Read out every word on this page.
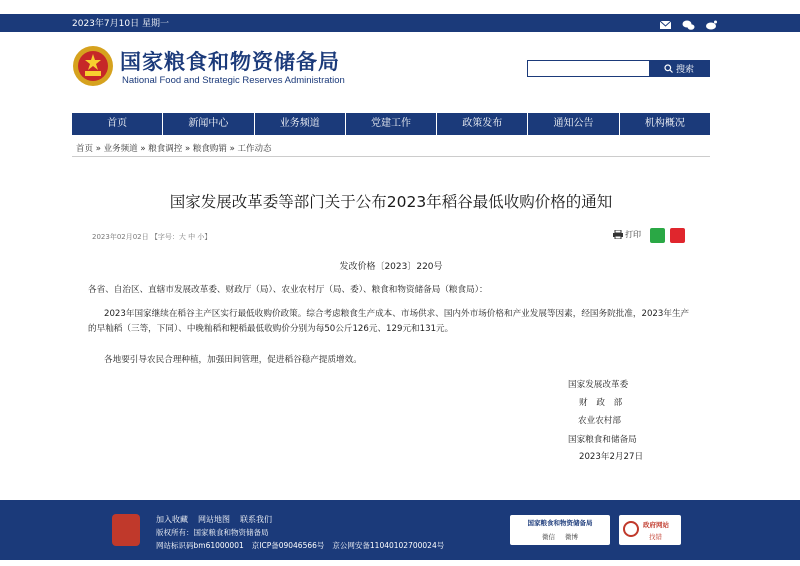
2023年7月10日 星期一
国家粮食和物资储备局
National Food and Strategic Reserves Administration
搜索
首页	新闻中心	业务频道	党建工作	政策发布	通知公告	机构概况
首页 » 业务频道 » 粮食调控 » 粮食购销 » 工作动态
国家发展改革委等部门关于公布2023年稻谷最低收购价格的通知
2023年02月02日 【字号：大 中 小】	打印
发改价格〔2023〕220号
各省、自治区、直辖市发展改革委、财政厅（局）、农业农村厅（局、委）、粮食和物资储备局（粮食局）：
2023年国家继续在稻谷主产区实行最低收购价政策。综合考虑粮食生产成本、市场供求、国内外市场价格和产业发展等因素，经国务院批准，2023年生产的早籼稻（三等，下同）、中晚籼稻和粳稻最低收购价分别为每50公斤126元、129元和131元。
各地要引导农民合理种植，加强田间管理，促进稻谷稳产提质增效。
国家发展改革委
财 政 部
农业农村部
国家粮食和储备局
2023年2月27日
加入收藏 网站地图 联系我们
版权所有：国家粮食和物资储备局
网站标识码bm61000001 京ICP备09046566号 京公网安备11040102700024号
国家粮食和物资储备局
微信 微博
政府网站
找错
